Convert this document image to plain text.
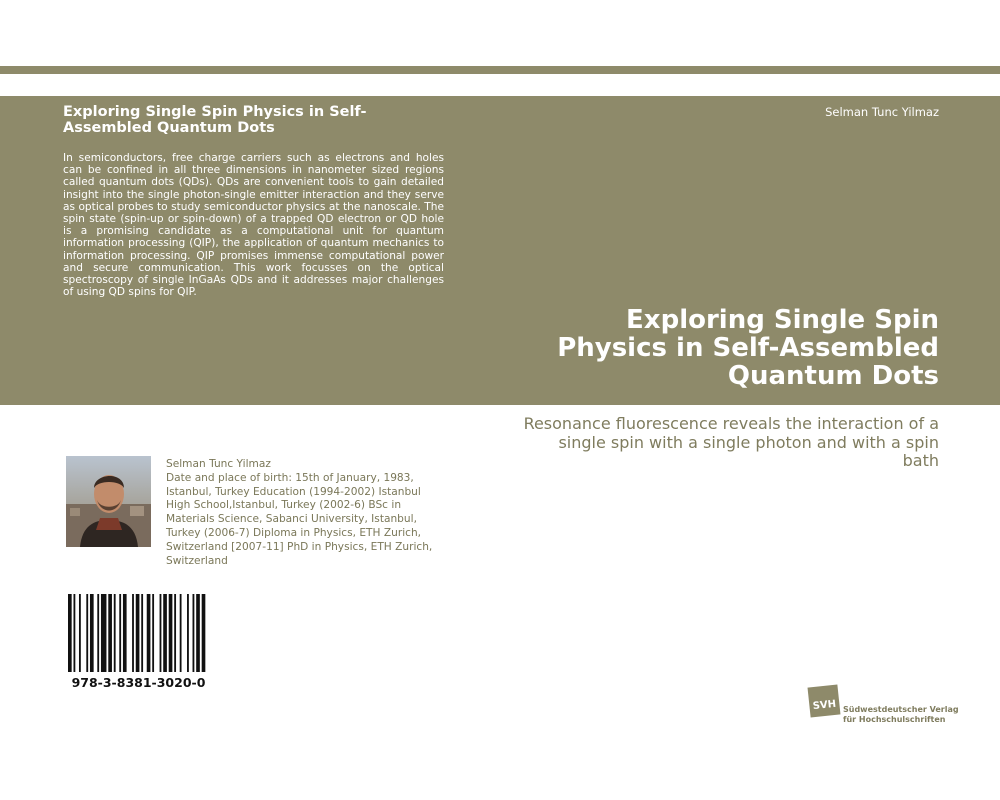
Exploring Single Spin Physics in Self-Assembled Quantum Dots
In semiconductors, free charge carriers such as electrons and holes can be confined in all three dimensions in nanometer sized regions called quantum dots (QDs). QDs are convenient tools to gain detailed insight into the single photon-single emitter interaction and they serve as optical probes to study semiconductor physics at the nanoscale. The spin state (spin-up or spin-down) of a trapped QD electron or QD hole is a promising candidate as a computational unit for quantum information processing (QIP), the application of quantum mechanics to information processing. QIP promises immense computational power and secure communication. This work focusses on the optical spectroscopy of single InGaAs QDs and it addresses major challenges of using QD spins for QIP.
Selman Tunc Yilmaz
Exploring Single Spin Physics in Self-Assembled Quantum Dots
Resonance fluorescence reveals the interaction of a single spin with a single photon and with a spin bath
Selman Tunc Yilmaz
Date and place of birth: 15th of January, 1983, Istanbul, Turkey Education (1994-2002) Istanbul High School,Istanbul, Turkey (2002-6) BSc in Materials Science, Sabanci University, Istanbul, Turkey (2006-7) Diploma in Physics, ETH Zurich, Switzerland [2007-11] PhD in Physics, ETH Zurich, Switzerland
978-3-8381-3020-0
SVH Südwestdeutscher Verlag
für Hochschulschriften
